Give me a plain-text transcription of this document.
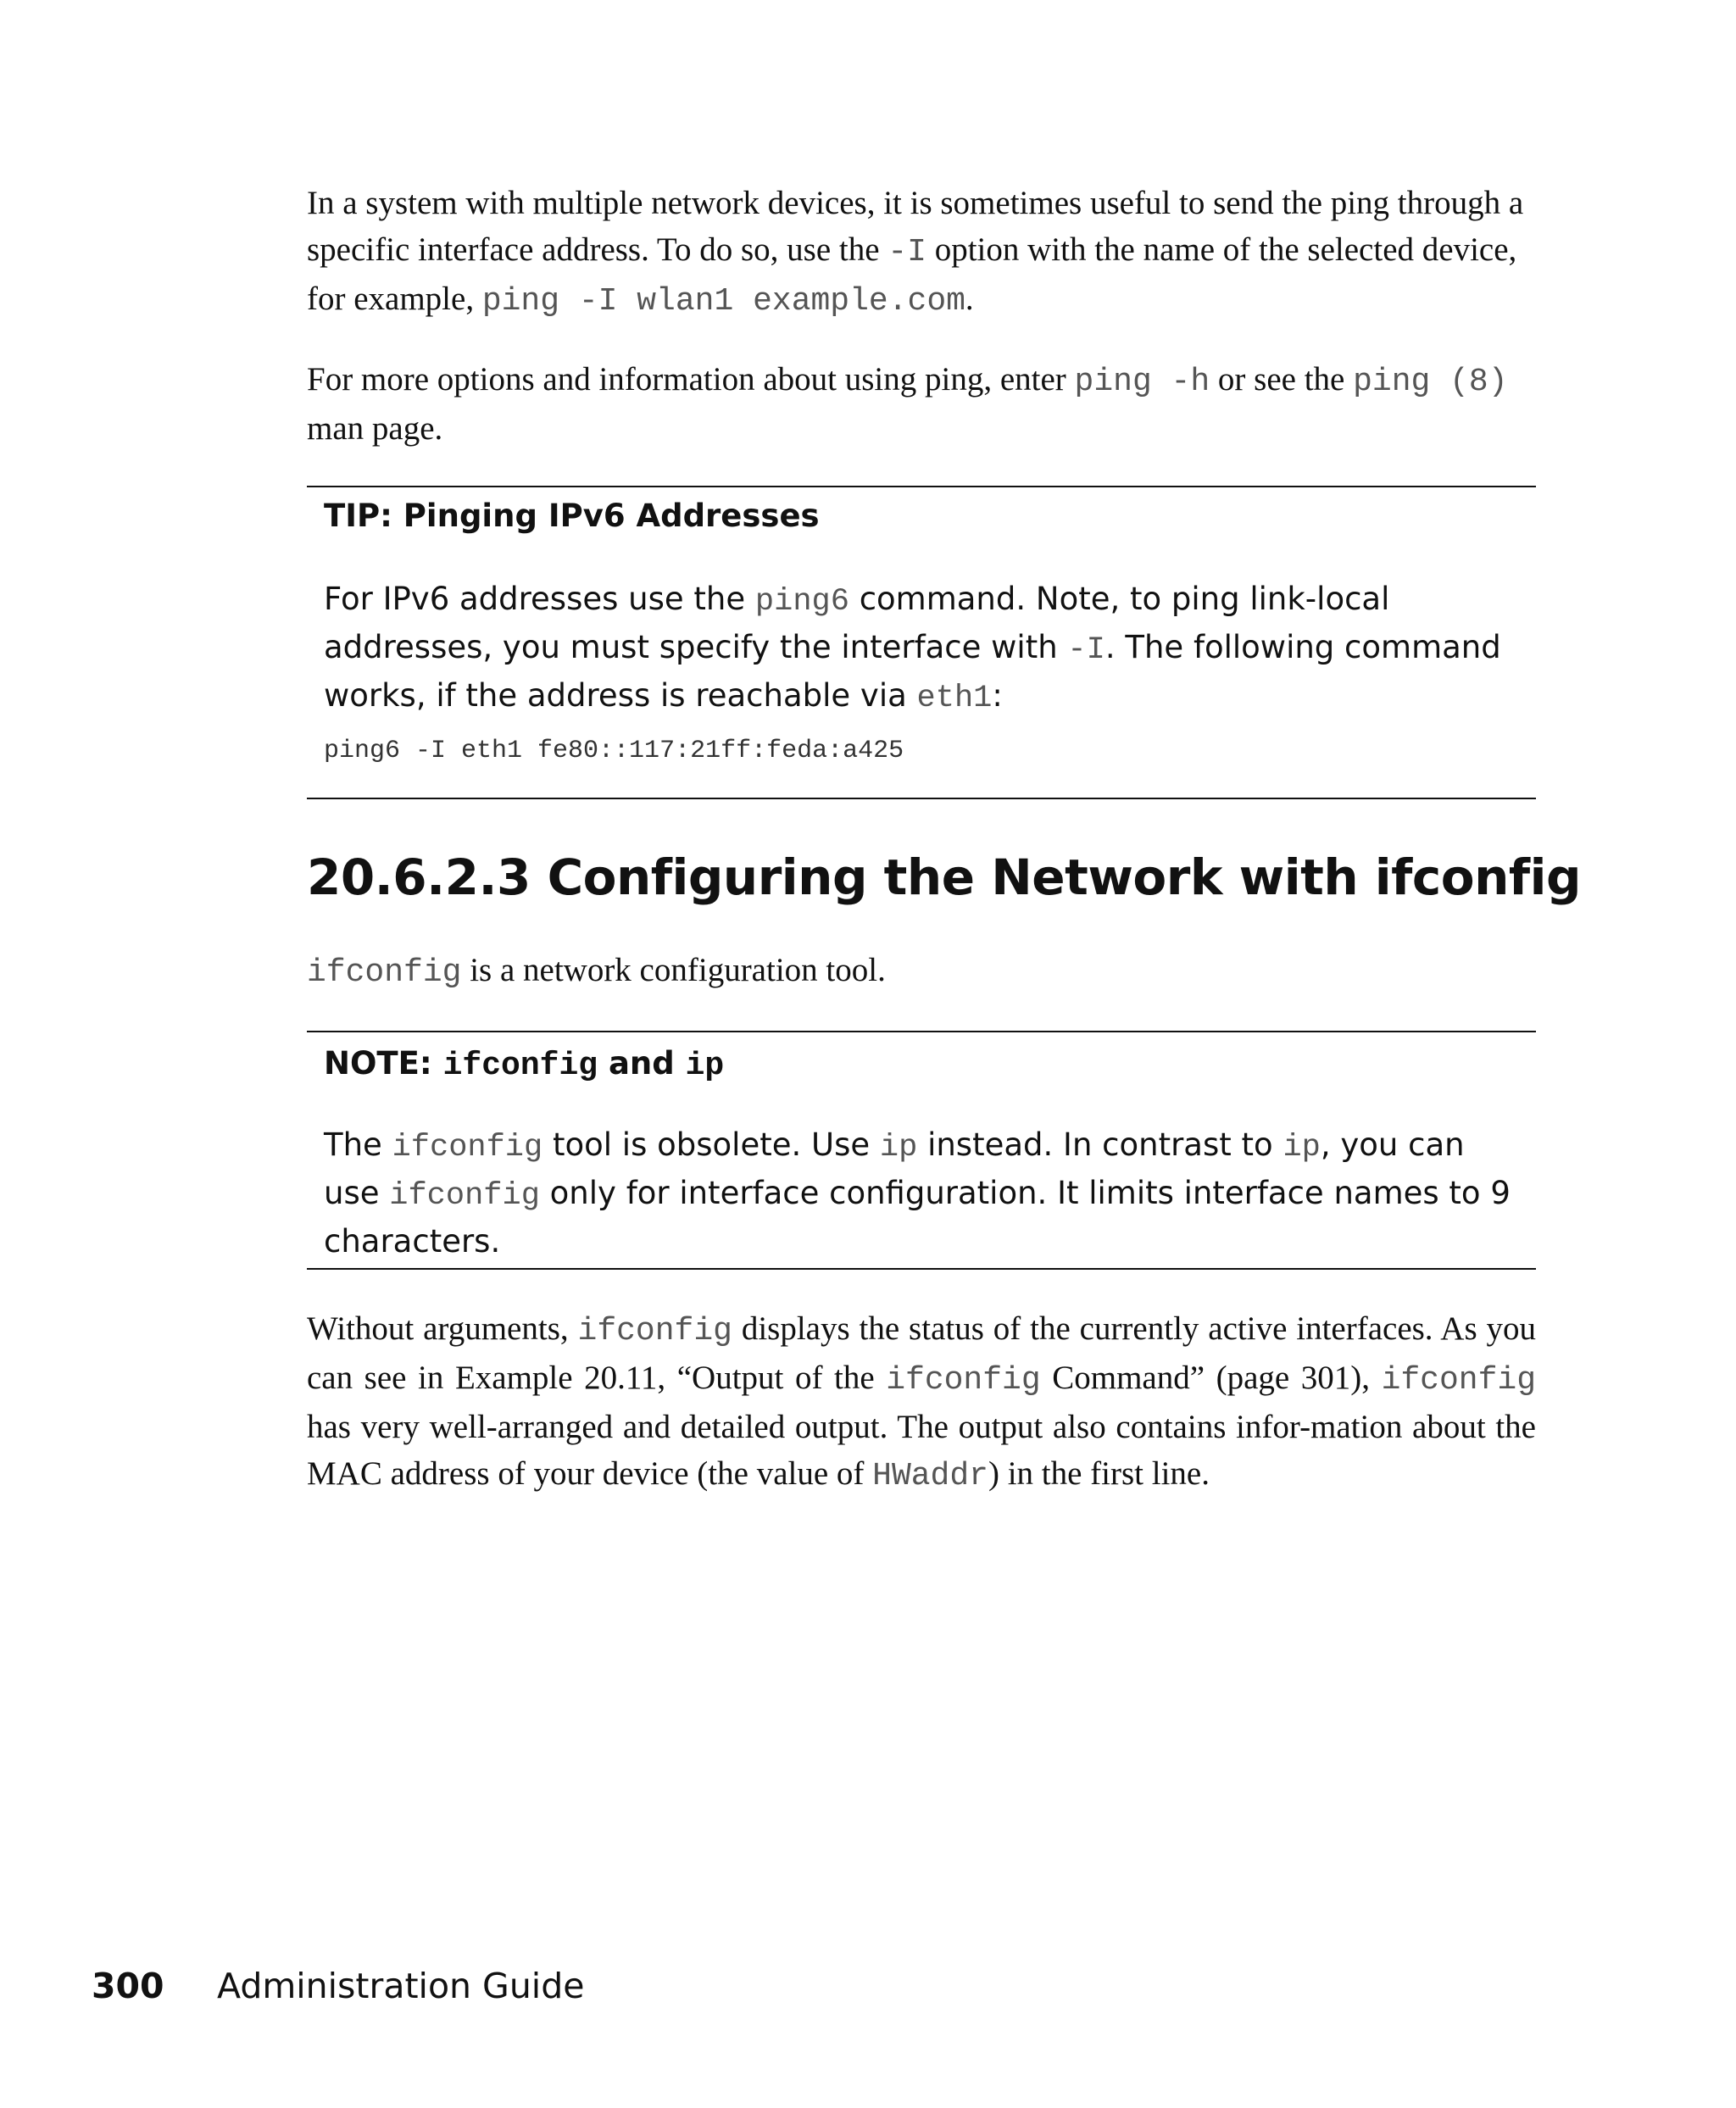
In a system with multiple network devices, it is sometimes useful to send the ping through a specific interface address. To do so, use the -I option with the name of the selected device, for example, ping -I wlan1 example.com.

For more options and information about using ping, enter ping -h or see the ping (8) man page.

TIP: Pinging IPv6 Addresses

For IPv6 addresses use the ping6 command. Note, to ping link-local addresses, you must specify the interface with -I. The following command works, if the address is reachable via eth1:

ping6 -I eth1 fe80::117:21ff:feda:a425

20.6.2.3 Configuring the Network with ifconfig

ifconfig is a network configuration tool.

NOTE: ifconfig and ip

The ifconfig tool is obsolete. Use ip instead. In contrast to ip, you can use ifconfig only for interface configuration. It limits interface names to 9 characters.

Without arguments, ifconfig displays the status of the currently active interfaces. As you can see in Example 20.11, “Output of the ifconfig Command” (page 301), ifconfig has very well-arranged and detailed output. The output also contains infor-mation about the MAC address of your device (the value of HWaddr) in the first line.

300 Administration Guide
